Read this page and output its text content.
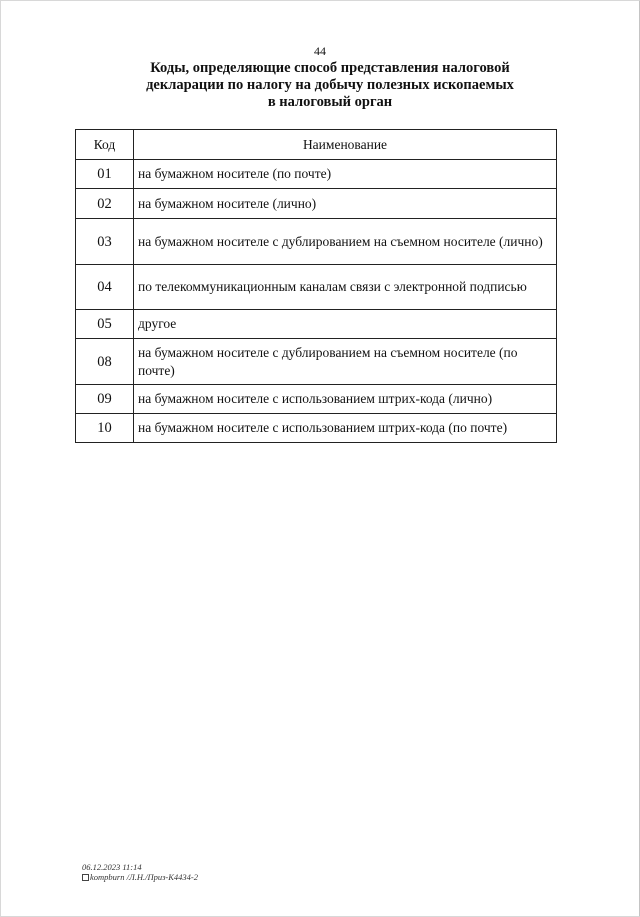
44
Коды, определяющие способ представления налоговой
декларации по налогу на добычу полезных ископаемых
в налоговый орган
Код	Наименование
01	на бумажном носителе (по почте)
02	на бумажном носителе (лично)
03	на бумажном носителе с дублированием на съемном носителе (лично)
04	по телекоммуникационным каналам связи с электронной подписью
05	другое
08	на бумажном носителе с дублированием на съемном носителе (по почте)
09	на бумажном носителе с использованием штрих-кода (лично)
10	на бумажном носителе с использованием штрих-кода (по почте)
06.12.2023 11:14
kompburn /Л.Н./Приз-К4434-2
